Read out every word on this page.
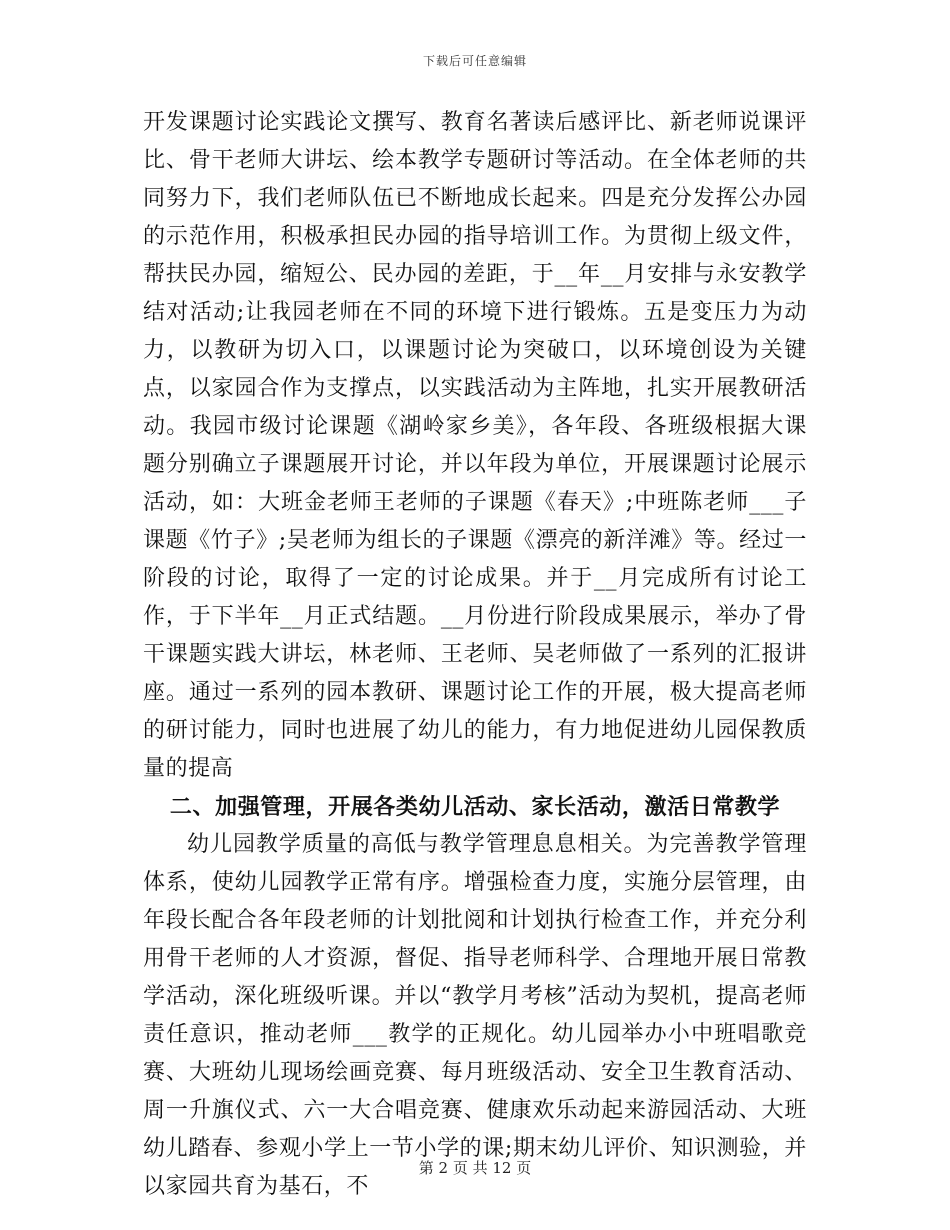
下载后可任意编辑

开发课题讨论实践论文撰写、教育名著读后感评比、新老师说课评比、骨干老师大讲坛、绘本教学专题研讨等活动。在全体老师的共同努力下，我们老师队伍已不断地成长起来。四是充分发挥公办园的示范作用，积极承担民办园的指导培训工作。为贯彻上级文件，帮扶民办园，缩短公、民办园的差距，于__年__月安排与永安教学结对活动;让我园老师在不同的环境下进行锻炼。五是变压力为动力，以教研为切入口，以课题讨论为突破口，以环境创设为关键点，以家园合作为支撑点，以实践活动为主阵地，扎实开展教研活动。我园市级讨论课题《湖岭家乡美》，各年段、各班级根据大课题分别确立子课题展开讨论，并以年段为单位，开展课题讨论展示活动，如：大班金老师王老师的子课题《春天》;中班陈老师___子课题《竹子》;吴老师为组长的子课题《漂亮的新洋滩》等。经过一阶段的讨论，取得了一定的讨论成果。并于__月完成所有讨论工作，于下半年__月正式结题。__月份进行阶段成果展示，举办了骨干课题实践大讲坛，林老师、王老师、吴老师做了一系列的汇报讲座。通过一系列的园本教研、课题讨论工作的开展，极大提高老师的研讨能力，同时也进展了幼儿的能力，有力地促进幼儿园保教质量的提高

二、加强管理，开展各类幼儿活动、家长活动，激活日常教学

幼儿园教学质量的高低与教学管理息息相关。为完善教学管理体系，使幼儿园教学正常有序。增强检查力度，实施分层管理，由年段长配合各年段老师的计划批阅和计划执行检查工作，并充分利用骨干老师的人才资源，督促、指导老师科学、合理地开展日常教学活动，深化班级听课。并以“教学月考核”活动为契机，提高老师责任意识，推动老师___教学的正规化。幼儿园举办小中班唱歌竞赛、大班幼儿现场绘画竞赛、每月班级活动、安全卫生教育活动、周一升旗仪式、六一大合唱竞赛、健康欢乐动起来游园活动、大班幼儿踏春、参观小学上一节小学的课;期末幼儿评价、知识测验，并以家园共育为基石，不

第 2 页 共 12 页
